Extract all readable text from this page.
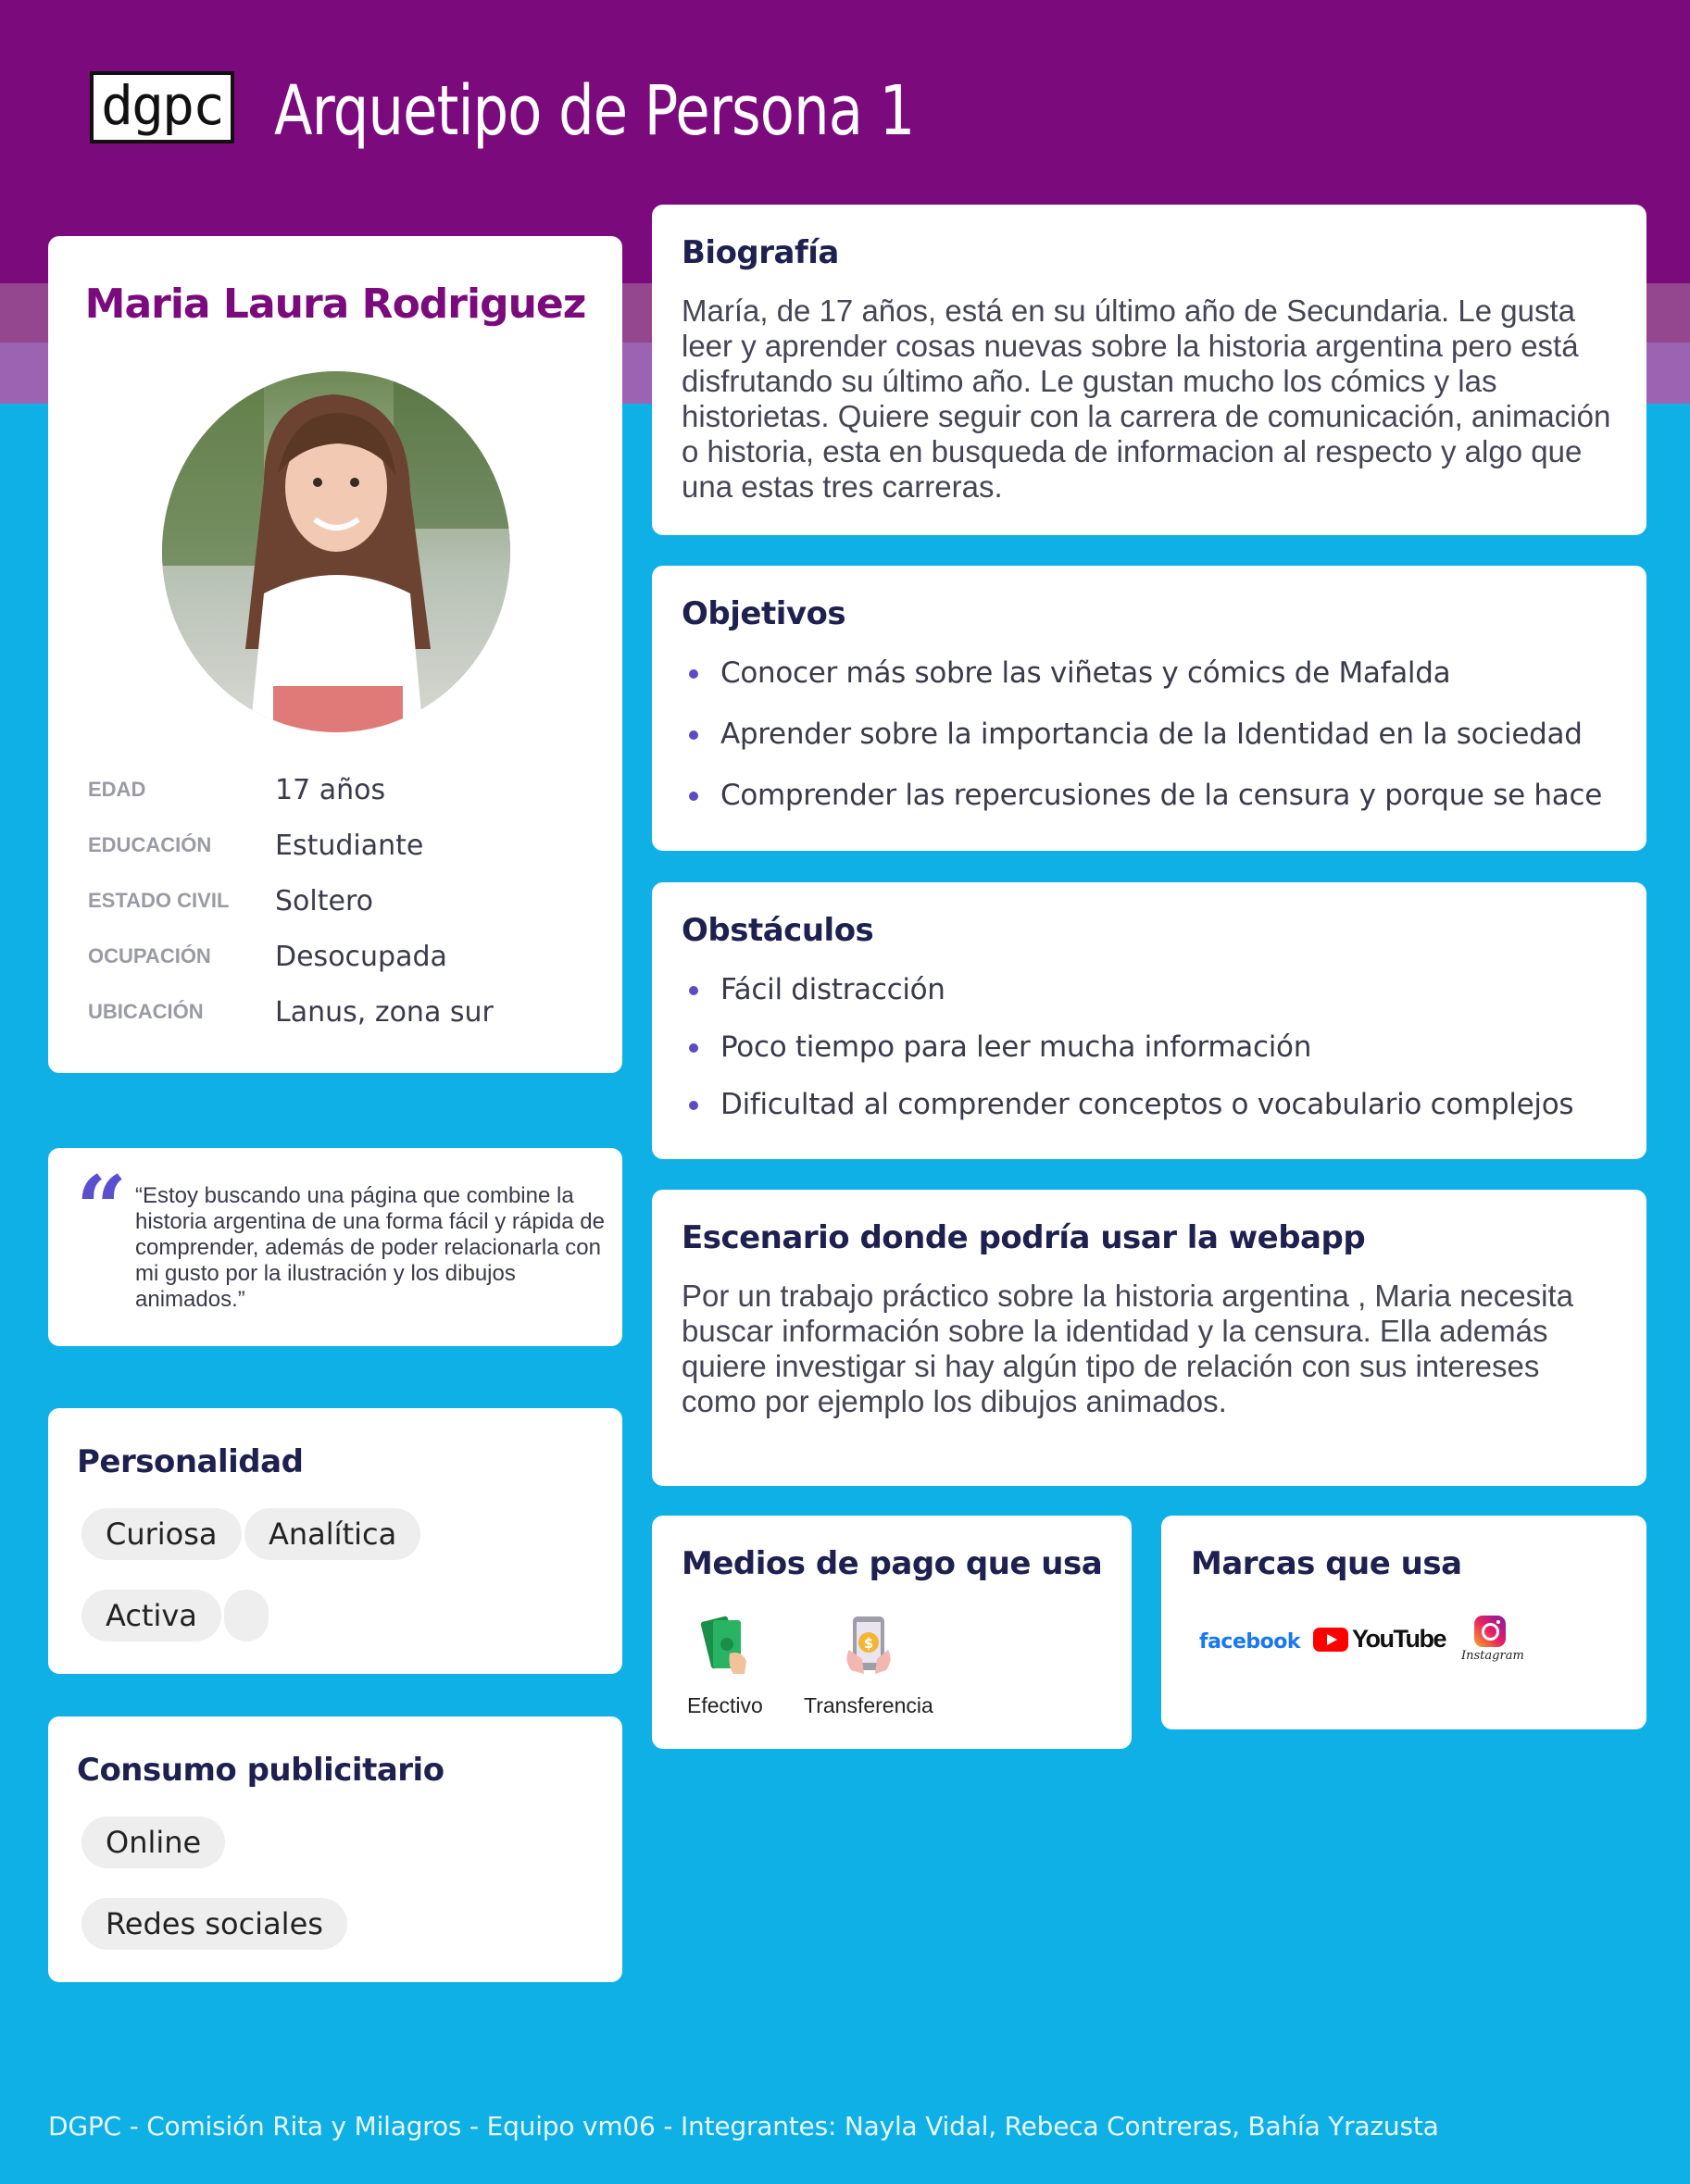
dgpc Arquetipo de Persona 1
Maria Laura Rodriguez
EDAD	17 años
EDUCACIÓN	Estudiante
ESTADO CIVIL	Soltero
OCUPACIÓN	Desocupada
UBICACIÓN	Lanus, zona sur
“ “Estoy buscando una página que combine la historia argentina de una forma fácil y rápida de comprender, además de poder relacionarla con mi gusto por la ilustración y los dibujos animados.”

Personalidad
Curiosa	Analítica
Activa
Consumo publicitario
Online
Redes sociales
Biografía

María, de 17 años, está en su último año de Secundaria. Le gusta leer y aprender cosas nuevas sobre la historia argentina pero está disfrutando su último año. Le gustan mucho los cómics y las historietas. Quiere seguir con la carrera de comunicación, animación o historia, esta en busqueda de informacion al respecto y algo que una estas tres carreras.

Objetivos
Conocer más sobre las viñetas y cómics de Mafalda
Aprender sobre la importancia de la Identidad en la sociedad
Comprender las repercusiones de la censura y porque se hace
Obstáculos
Fácil distracción
Poco tiempo para leer mucha información
Dificultad al comprender conceptos o vocabulario complejos
Escenario donde podría usar la webapp

Por un trabajo práctico sobre la historia argentina , Maria necesita buscar información sobre la identidad y la censura. Ella además quiere investigar si hay algún tipo de relación con sus intereses como por ejemplo los dibujos animados.

Medios de pago que usa
Efectivo
$
Transferencia
Marcas que usa
facebook YouTube
Instagram
DGPC - Comisión Rita y Milagros - Equipo vm06 - Integrantes: Nayla Vidal, Rebeca Contreras, Bahía Yrazusta
